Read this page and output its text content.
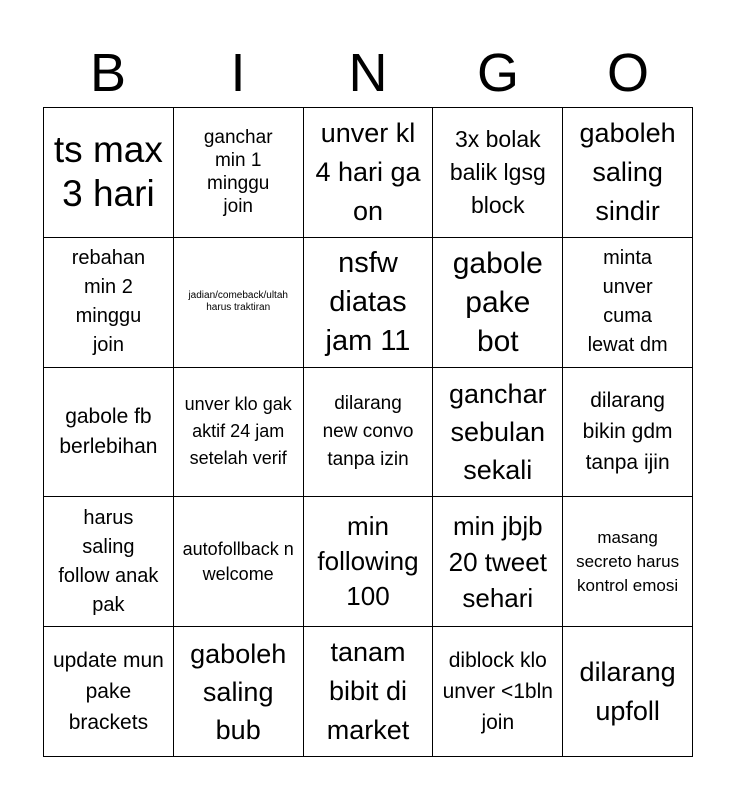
B	I	N	G	O
ts max 3 hari
ganchar min 1 minggu join
unver kl 4 hari ga on
3x bolak balik lgsg block
gaboleh saling sindir
rebahan min 2 minggu join
jadian/comeback/ultah harus traktiran
nsfw diatas jam 11
gabole pake bot
minta unver cuma lewat dm
gabole fb berlebihan
unver klo gak aktif 24 jam setelah verif
dilarang new convo tanpa izin
ganchar sebulan sekali
dilarang bikin gdm tanpa ijin
harus saling follow anak pak
autofollback n welcome
min following 100
min jbjb 20 tweet sehari
masang secreto harus kontrol emosi
update mun pake brackets
gaboleh saling bub
tanam bibit di market
diblock klo unver <1bln join
dilarang upfoll
